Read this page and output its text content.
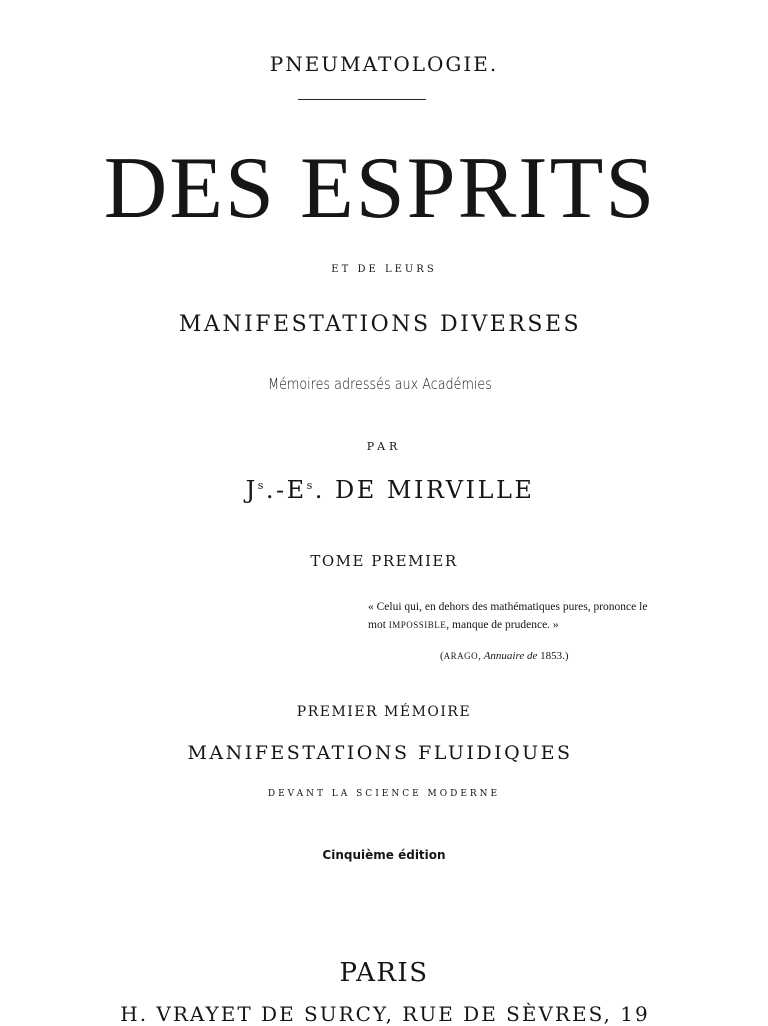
PNEUMATOLOGIE.
DES ESPRITS
ET DE LEURS
MANIFESTATIONS DIVERSES
Mémoires adressés aux Académies
PAR
$J^s.-E^s$. DE MIRVILLE
TOME PREMIER
« Celui qui, en dehors des mathématiques pures, prononce le mot IMPOSSIBLE, manque de prudence. »
(ARAGO, Annuaire de 1853.)
PREMIER MÉMOIRE
MANIFESTATIONS FLUIDIQUES
DEVANT LA SCIENCE MODERNE
Cinquième édition
PARIS
H. VRAYET DE SURCY, RUE DE SÈVRES, 19
